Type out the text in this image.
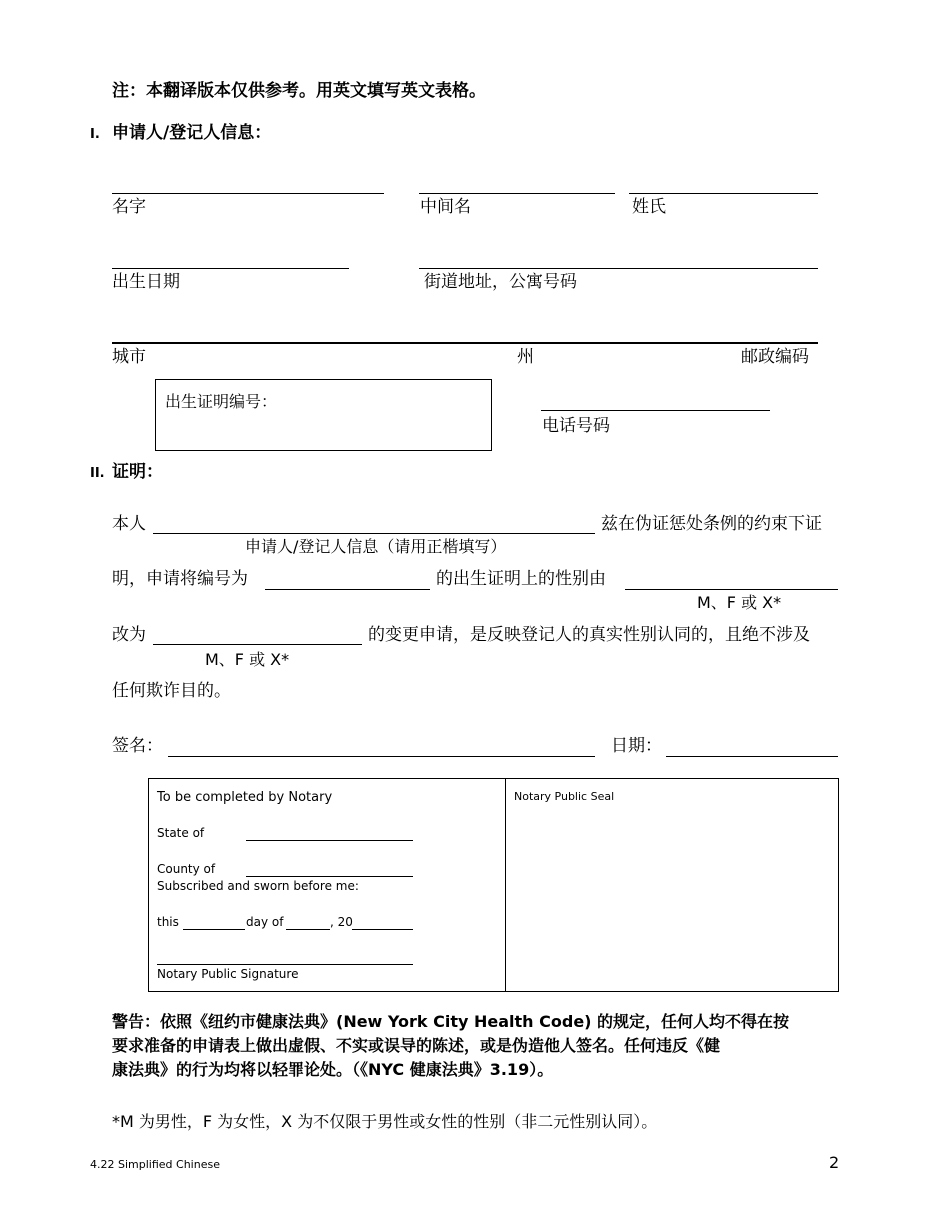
注：本翻译版本仅供参考。用英文填写英文表格。
I. 申请人/登记人信息：
名字	中间名	姓氏
出生日期	街道地址，公寓号码
城市	州	邮政编码
出生证明编号：
电话号码
II. 证明：
本人	兹在伪证惩处条例的约束下证
申请人/登记人信息（请用正楷填写）
明，申请将编号为	的出生证明上的性别由
M、F 或 X*
改为	的变更申请，是反映登记人的真实性别认同的，且绝不涉及
M、F 或 X*
任何欺诈目的。
签名：	日期：
To be completed by Notary
State of
County of
Subscribed and sworn before me:
this	day of	, 20
Notary Public Signature
Notary Public Seal
警告：依照《纽约市健康法典》(New York City Health Code) 的规定，任何人均不得在按
要求准备的申请表上做出虚假、不实或误导的陈述，或是伪造他人签名。任何违反《健
康法典》的行为均将以轻罪论处。（《NYC 健康法典》3.19）。
*M 为男性，F 为女性，X 为不仅限于男性或女性的性别（非二元性别认同）。
4.22 Simplified Chinese	2
